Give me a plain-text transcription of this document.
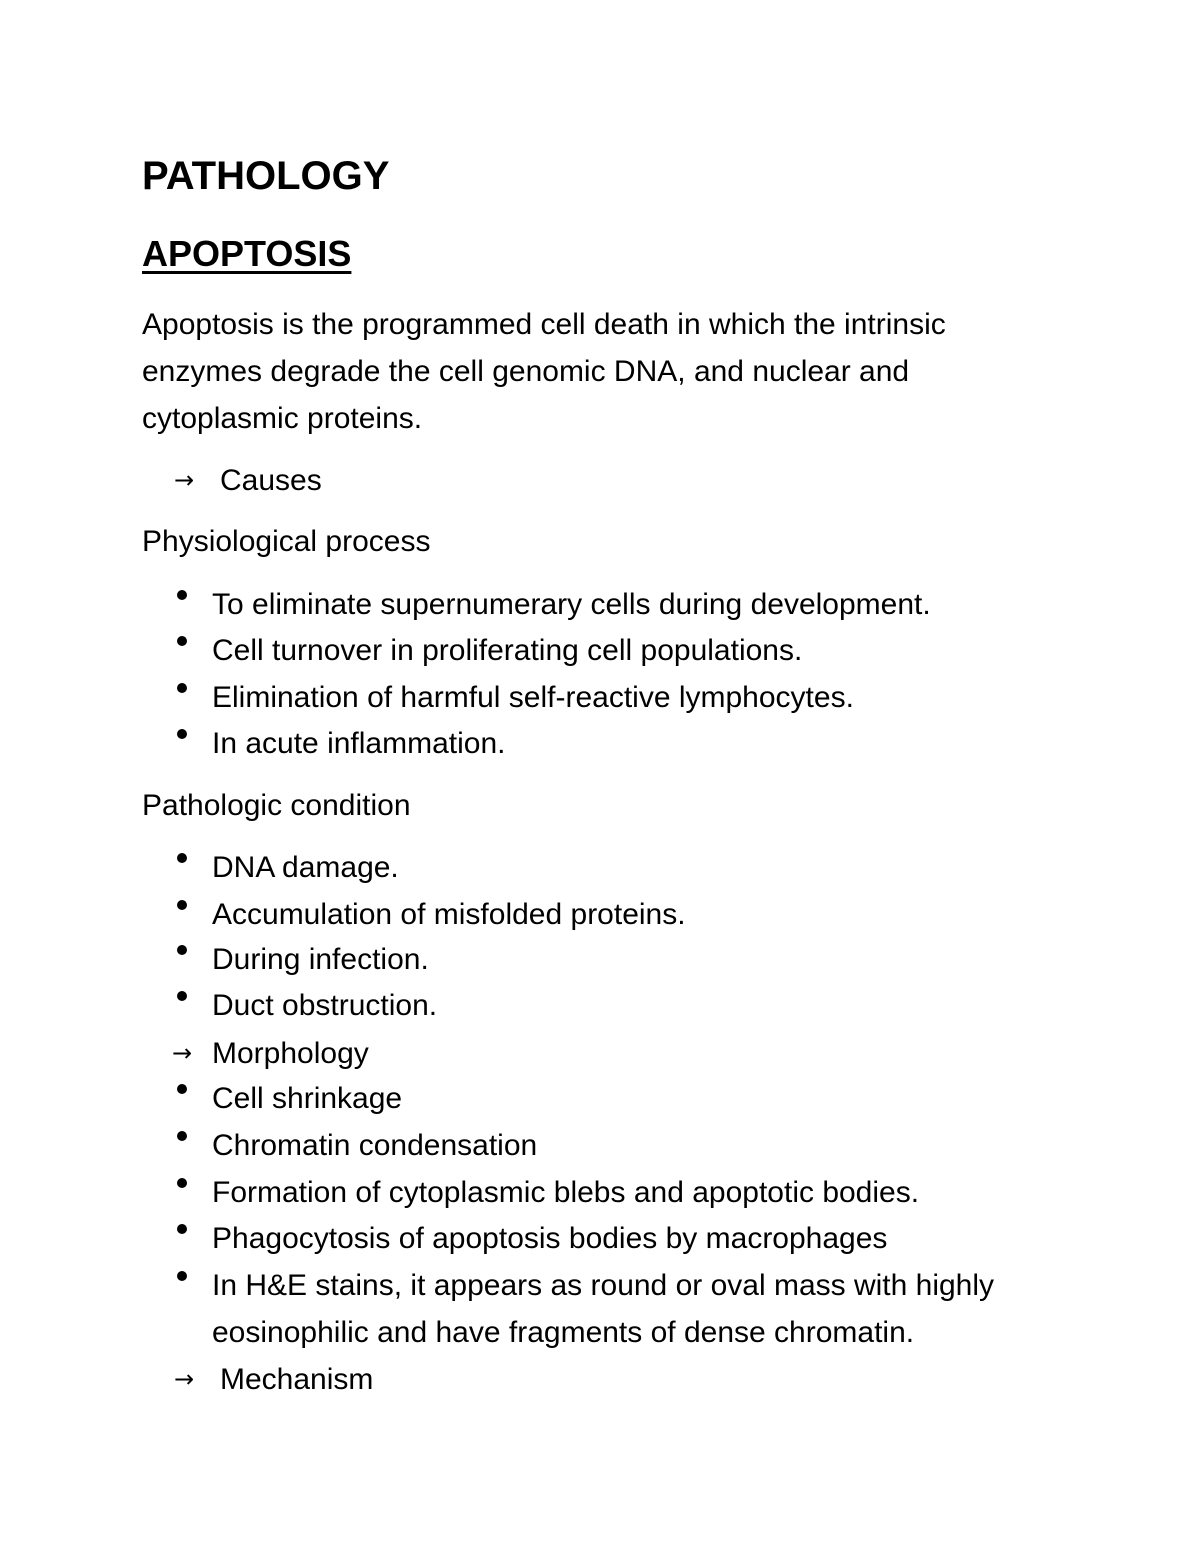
PATHOLOGY
APOPTOSIS
Apoptosis is the programmed cell death in which the intrinsic
enzymes degrade the cell genomic DNA, and nuclear and
cytoplasmic proteins.
→ Causes
Physiological process
To eliminate supernumerary cells during development.
Cell turnover in proliferating cell populations.
Elimination of harmful self-reactive lymphocytes.
In acute inflammation.
Pathologic condition
DNA damage.
Accumulation of misfolded proteins.
During infection.
Duct obstruction.
→ Morphology
Cell shrinkage
Chromatin condensation
Formation of cytoplasmic blebs and apoptotic bodies.
Phagocytosis of apoptosis bodies by macrophages
In H&E stains, it appears as round or oval mass with highly
eosinophilic and have fragments of dense chromatin.
→ Mechanism
